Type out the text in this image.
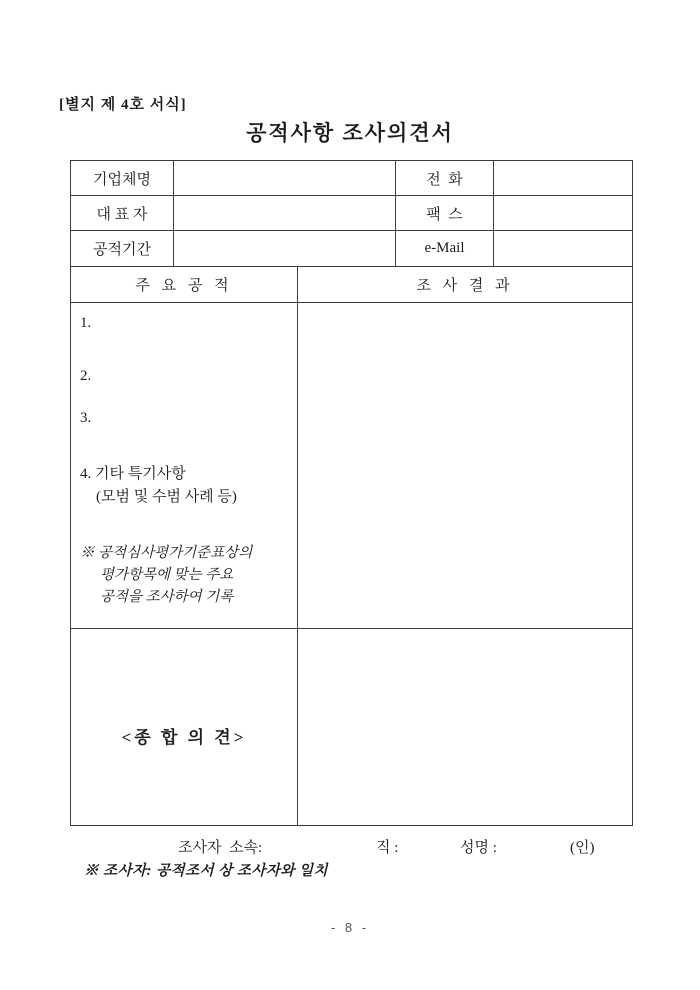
[별지 제 4호 서식]
공적사항 조사의견서
기업체명	전  화
대 표 자	팩  스
공적기간	e-Mail
주 요 공 적	조 사 결 과
1.
2.
3.
4. 기타 특기사항
(모범 및 수범 사례 등)
※ 공적심사평가기준표상의
평가항목에 맞는 주요
공적을 조사하여 기록
<종 합 의 견>
조사자  소속:	직 :	성명 :	(인)
※ 조사자: 공적조서 상 조사자와 일치
- 8 -
